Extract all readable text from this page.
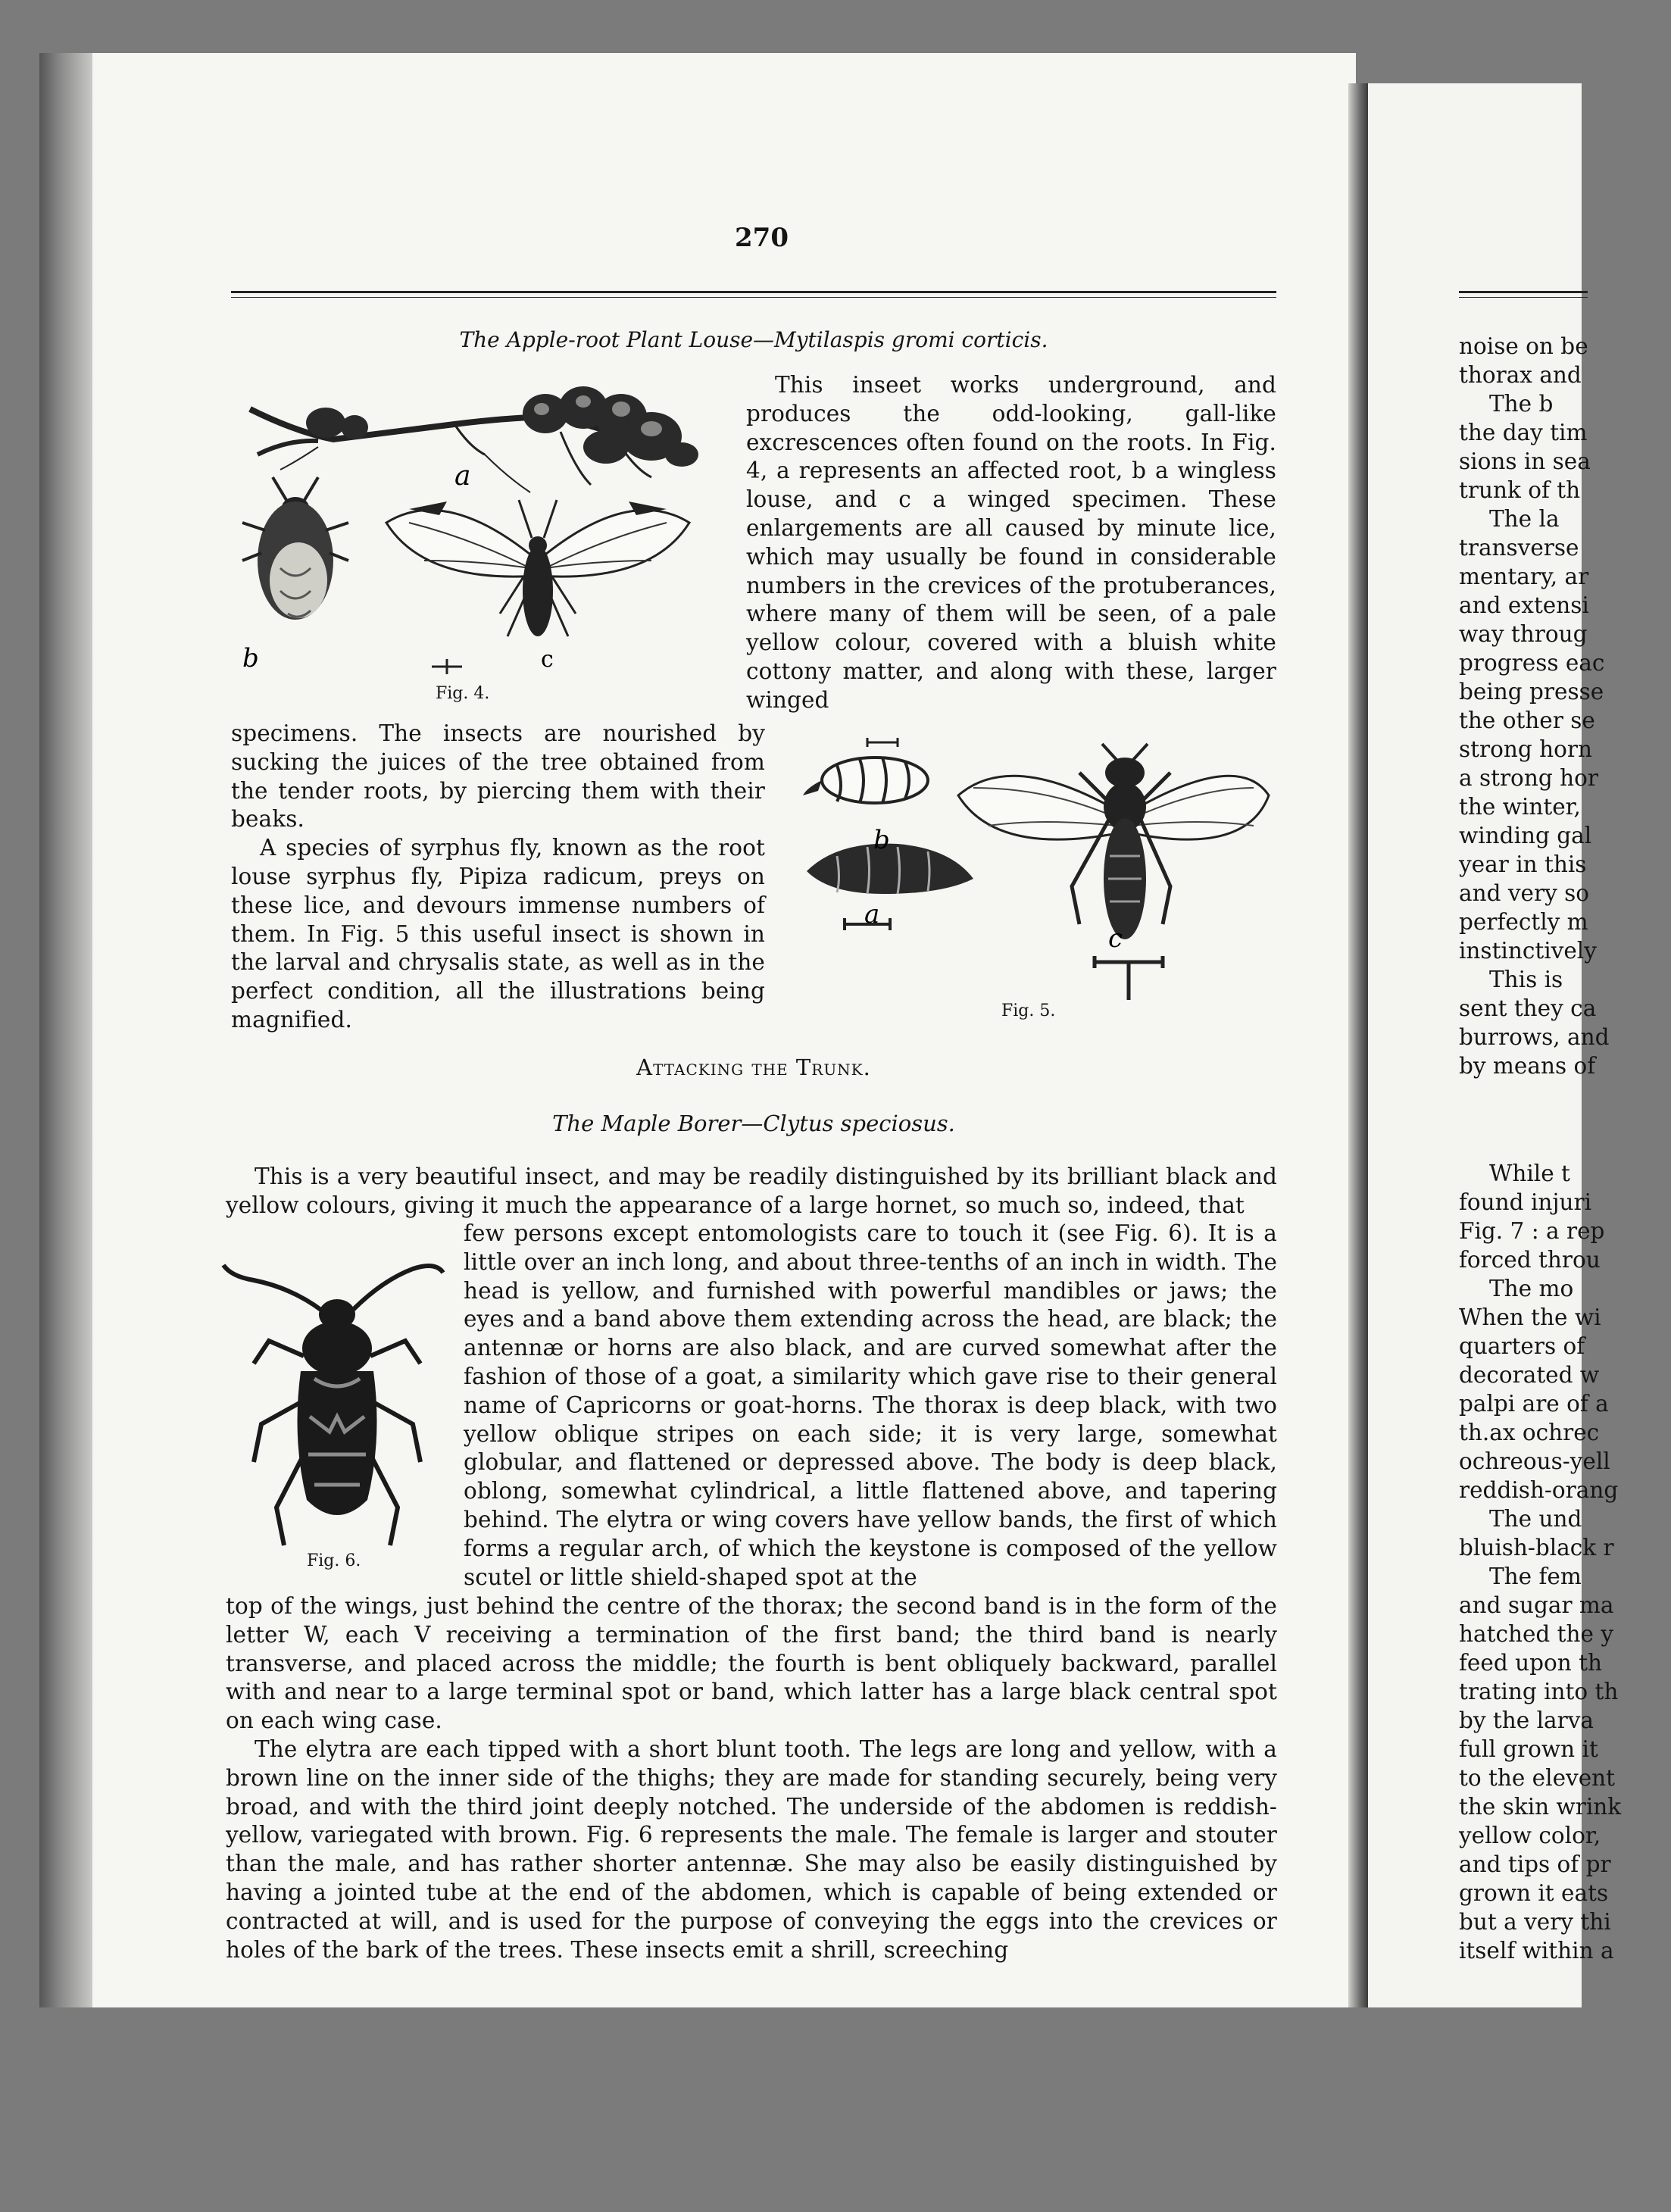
270
The Apple-root Plant Louse—Mytilaspis gromi corticis.
a
b	c
Fig. 4.

This inseet works underground, and produces the odd-looking, gall-like excrescences often found on the roots. In Fig. 4, a represents an affected root, b a wingless louse, and c a winged specimen. These enlargements are all caused by minute lice, which may usually be found in considerable numbers in the crevices of the protuberances, where many of them will be seen, of a pale yellow colour, covered with a bluish white cottony matter, and along with these, larger winged

specimens. The insects are nourished by sucking the juices of the tree obtained from the tender roots, by piercing them with their beaks.

A species of syrphus fly, known as the root louse syrphus fly, Pipiza radicum, preys on these lice, and devours immense numbers of them. In Fig. 5 this useful insect is shown in the larval and chrysalis state, as well as in the perfect condition, all the illustrations being magnified.

b
a
c
Fig. 5.
Attacking the Trunk.
The Maple Borer—Clytus speciosus.

This is a very beautiful insect, and may be readily distinguished by its brilliant black and yellow colours, giving it much the appearance of a large hornet, so much so, indeed, that

Fig. 6.

few persons except entomologists care to touch it (see Fig. 6). It is a little over an inch long, and about three-tenths of an inch in width. The head is yellow, and furnished with powerful mandibles or jaws; the eyes and a band above them extending across the head, are black; the antennæ or horns are also black, and are curved somewhat after the fashion of those of a goat, a similarity which gave rise to their general name of Capricorns or goat-horns. The thorax is deep black, with two yellow oblique stripes on each side; it is very large, somewhat globular, and flattened or depressed above. The body is deep black, oblong, somewhat cylindrical, a little flattened above, and tapering behind. The elytra or wing covers have yellow bands, the first of which forms a regular arch, of which the keystone is composed of the yellow scutel or little shield-shaped spot at the

top of the wings, just behind the centre of the thorax; the second band is in the form of the letter W, each V receiving a termination of the first band; the third band is nearly transverse, and placed across the middle; the fourth is bent obliquely backward, parallel with and near to a large terminal spot or band, which latter has a large black central spot on each wing case.

The elytra are each tipped with a short blunt tooth. The legs are long and yellow, with a brown line on the inner side of the thighs; they are made for standing securely, being very broad, and with the third joint deeply notched. The underside of the abdomen is reddish-yellow, variegated with brown. Fig. 6 represents the male. The female is larger and stouter than the male, and has rather shorter antennæ. She may also be easily distinguished by having a jointed tube at the end of the abdomen, which is capable of being extended or contracted at will, and is used for the purpose of conveying the eggs into the crevices or holes of the bark of the trees. These insects emit a shrill, screeching

noise on be
thorax and
The b
the day tim
sions in sea
trunk of th
The la
transverse
mentary, ar
and extensi
way throug
progress eac
being presse
the other se
strong horn
a strong hor
the winter,
winding gal
year in this
and very so
perfectly m
instinctively
This is
sent they ca
burrows, and
by means of
While t
found injuri
Fig. 7 : a rep
forced throu
The mo
When the wi
quarters of
decorated w
palpi are of a
th.ax ochrec
ochreous-yell
reddish-orang
The und
bluish-black r
The fem
and sugar ma
hatched the y
feed upon th
trating into th
by the larva
full grown it
to the elevent
the skin wrink
yellow color,
and tips of pr
grown it eats
but a very thi
itself within a
